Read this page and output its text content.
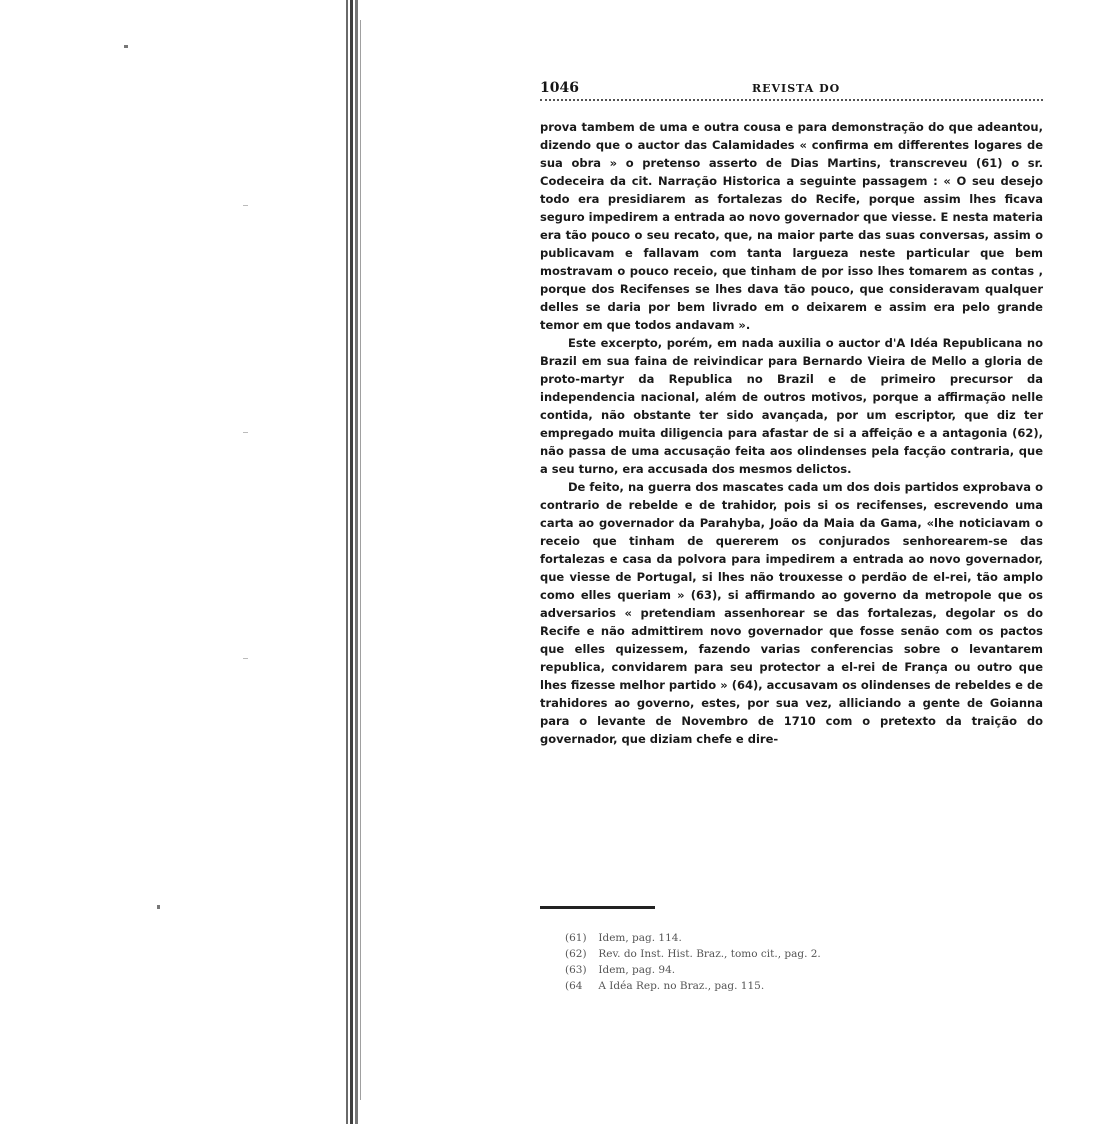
1046	REVISTA DO

prova tambem de uma e outra cousa e para demonstração do que adeantou, dizendo que o auctor das Calamidades « confirma em differentes logares de sua obra » o pretenso asserto de Dias Martins, transcreveu (61) o sr. Codeceira da cit. Narração Historica a seguinte passagem : « O seu desejo todo era presidiarem as fortalezas do Recife, porque assim lhes ficava seguro impedirem a entrada ao novo governador que viesse. E nesta materia era tão pouco o seu recato, que, na maior parte das suas conversas, assim o publicavam e fallavam com tanta largueza neste particular que bem mostravam o pouco receio, que tinham de por isso lhes tomarem as contas , porque dos Recifenses se lhes dava tão pouco, que consideravam qualquer delles se daria por bem livrado em o deixarem e assim era pelo grande temor em que todos andavam ».

Este excerpto, porém, em nada auxilia o auctor d'A Idéa Republicana no Brazil em sua faina de reivindicar para Bernardo Vieira de Mello a gloria de proto-martyr da Republica no Brazil e de primeiro precursor da independencia nacional, além de outros motivos, porque a affirmação nelle contida, não obstante ter sido avançada, por um escriptor, que diz ter empregado muita diligencia para afastar de si a affeição e a antagonia (62), não passa de uma accusação feita aos olindenses pela facção contraria, que a seu turno, era accusada dos mesmos delictos.

De feito, na guerra dos mascates cada um dos dois partidos exprobava o contrario de rebelde e de trahidor, pois si os recifenses, escrevendo uma carta ao governador da Parahyba, João da Maia da Gama, «lhe noticiavam o receio que tinham de quererem os conjurados senhorearem-se das fortalezas e casa da polvora para impedirem a entrada ao novo governador, que viesse de Portugal, si lhes não trouxesse o perdão de el-rei, tão amplo como elles queriam » (63), si affirmando ao governo da metropole que os adversarios « pretendiam assenhorear se das fortalezas, degolar os do Recife e não admittirem novo governador que fosse senão com os pactos que elles quizessem, fazendo varias conferencias sobre o levantarem republica, convidarem para seu protector a el-rei de França ou outro que lhes fizesse melhor partido » (64), accusavam os olindenses de rebeldes e de trahidores ao governo, estes, por sua vez, alliciando a gente de Goianna para o levante de Novembro de 1710 com o pretexto da traição do governador, que diziam chefe e dire-

(61) Idem, pag. 114.
(62) Rev. do Inst. Hist. Braz., tomo cit., pag. 2.
(63) Idem, pag. 94.
(64 A Idéa Rep. no Braz., pag. 115.
